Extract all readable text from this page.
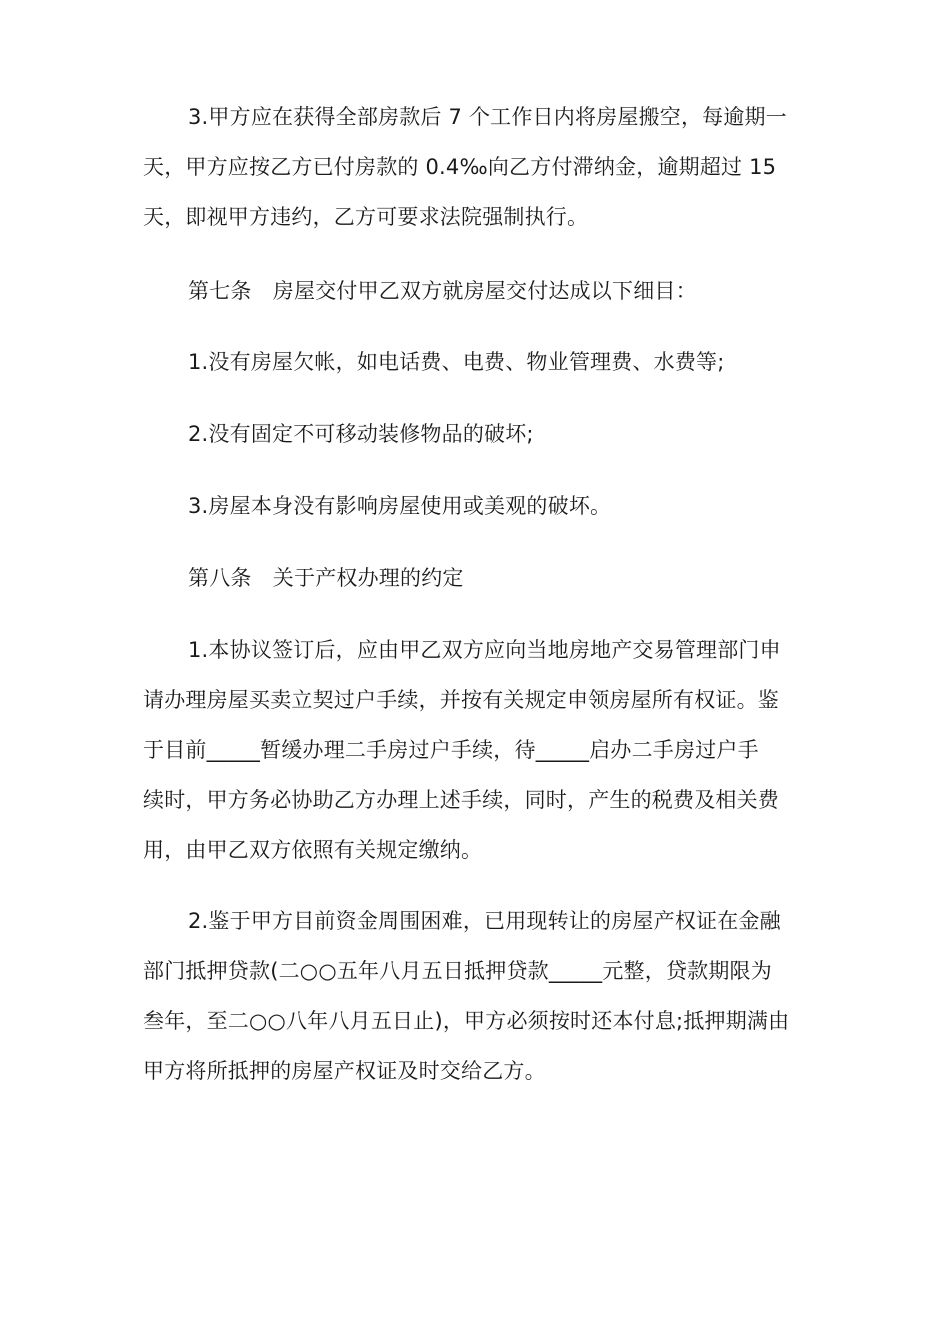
3.甲方应在获得全部房款后 7 个工作日内将房屋搬空，每逾期一
天，甲方应按乙方已付房款的 0.4‰向乙方付滞纳金，逾期超过 15
天，即视甲方违约，乙方可要求法院强制执行。
第七条　房屋交付甲乙双方就房屋交付达成以下细目：
1.没有房屋欠帐，如电话费、电费、物业管理费、水费等;
2.没有固定不可移动装修物品的破坏;
3.房屋本身没有影响房屋使用或美观的破坏。
第八条　关于产权办理的约定
1.本协议签订后，应由甲乙双方应向当地房地产交易管理部门申
请办理房屋买卖立契过户手续，并按有关规定申领房屋所有权证。鉴
于目前_____暂缓办理二手房过户手续，待_____启办二手房过户手
续时，甲方务必协助乙方办理上述手续，同时，产生的税费及相关费
用，由甲乙双方依照有关规定缴纳。
2.鉴于甲方目前资金周围困难，已用现转让的房屋产权证在金融
部门抵押贷款(二○○五年八月五日抵押贷款_____元整，贷款期限为
叁年，至二○○八年八月五日止)，甲方必须按时还本付息;抵押期满由
甲方将所抵押的房屋产权证及时交给乙方。
